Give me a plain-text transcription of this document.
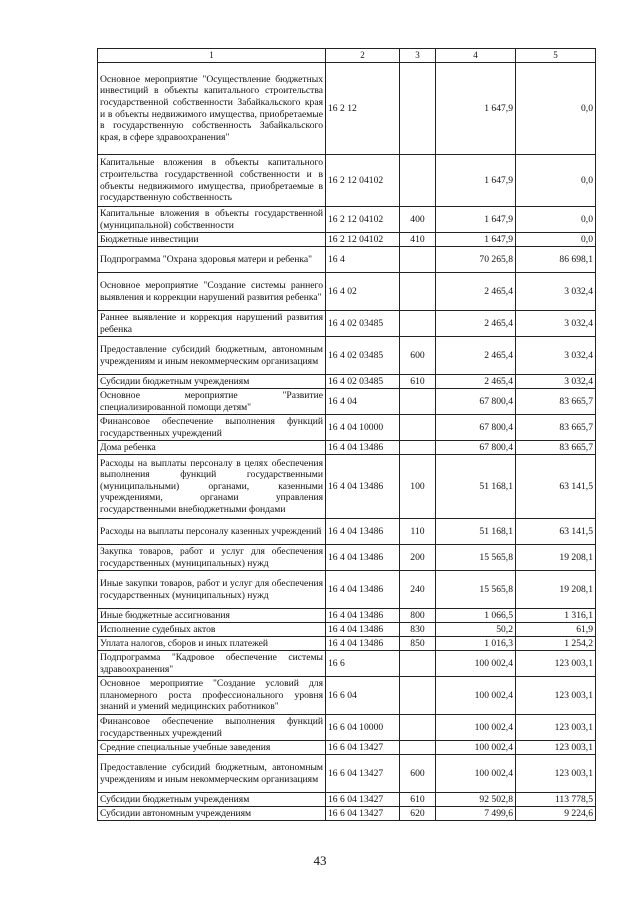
1	2	3	4	5
Основное мероприятие "Осуществление бюджетных инвестиций в объекты капитального строительства государственной собственности Забайкальского края и в объекты недвижимого имущества, приобретаемые в государственную собственность Забайкальского края, в сфере здравоохранения"	16 2 12		1 647,9	0,0
Капитальные вложения в объекты капитального строительства государственной собственности и в объекты недвижимого имущества, приобретаемые в государственную собственность	16 2 12 04102		1 647,9	0,0
Капитальные вложения в объекты государственной (муниципальной) собственности	16 2 12 04102	400	1 647,9	0,0
Бюджетные инвестиции	16 2 12 04102	410	1 647,9	0,0
Подпрограмма "Охрана здоровья матери и ребенка"	16 4		70 265,8	86 698,1
Основное мероприятие "Создание системы раннего выявления и коррекции нарушений развития ребенка"	16 4 02		2 465,4	3 032,4
Раннее выявление и коррекция нарушений развития ребенка	16 4 02 03485		2 465,4	3 032,4
Предоставление субсидий бюджетным, автономным учреждениям и иным некоммерческим организациям	16 4 02 03485	600	2 465,4	3 032,4
Субсидии бюджетным учреждениям	16 4 02 03485	610	2 465,4	3 032,4
Основное мероприятие "Развитие специализированной помощи детям"	16 4 04		67 800,4	83 665,7
Финансовое обеспечение выполнения функций государственных учреждений	16 4 04 10000		67 800,4	83 665,7
Дома ребенка	16 4 04 13486		67 800,4	83 665,7
Расходы на выплаты персоналу в целях обеспечения выполнения функций государственными (муниципальными) органами, казенными учреждениями, органами управления государственными внебюджетными фондами	16 4 04 13486	100	51 168,1	63 141,5
Расходы на выплаты персоналу казенных учреждений	16 4 04 13486	110	51 168,1	63 141,5
Закупка товаров, работ и услуг для обеспечения государственных (муниципальных) нужд	16 4 04 13486	200	15 565,8	19 208,1
Иные закупки товаров, работ и услуг для обеспечения государственных (муниципальных) нужд	16 4 04 13486	240	15 565,8	19 208,1
Иные бюджетные ассигнования	16 4 04 13486	800	1 066,5	1 316,1
Исполнение судебных актов	16 4 04 13486	830	50,2	61,9
Уплата налогов, сборов и иных платежей	16 4 04 13486	850	1 016,3	1 254,2
Подпрограмма "Кадровое обеспечение системы здравоохранения"	16 6		100 002,4	123 003,1
Основное мероприятие "Создание условий для планомерного роста профессионального уровня знаний и умений медицинских работников"	16 6 04		100 002,4	123 003,1
Финансовое обеспечение выполнения функций государственных учреждений	16 6 04 10000		100 002,4	123 003,1
Средние специальные учебные заведения	16 6 04 13427		100 002,4	123 003,1
Предоставление субсидий бюджетным, автономным учреждениям и иным некоммерческим организациям	16 6 04 13427	600	100 002,4	123 003,1
Субсидии бюджетным учреждениям	16 6 04 13427	610	92 502,8	113 778,5
Субсидии автономным учреждениям	16 6 04 13427	620	7 499,6	9 224,6
43
